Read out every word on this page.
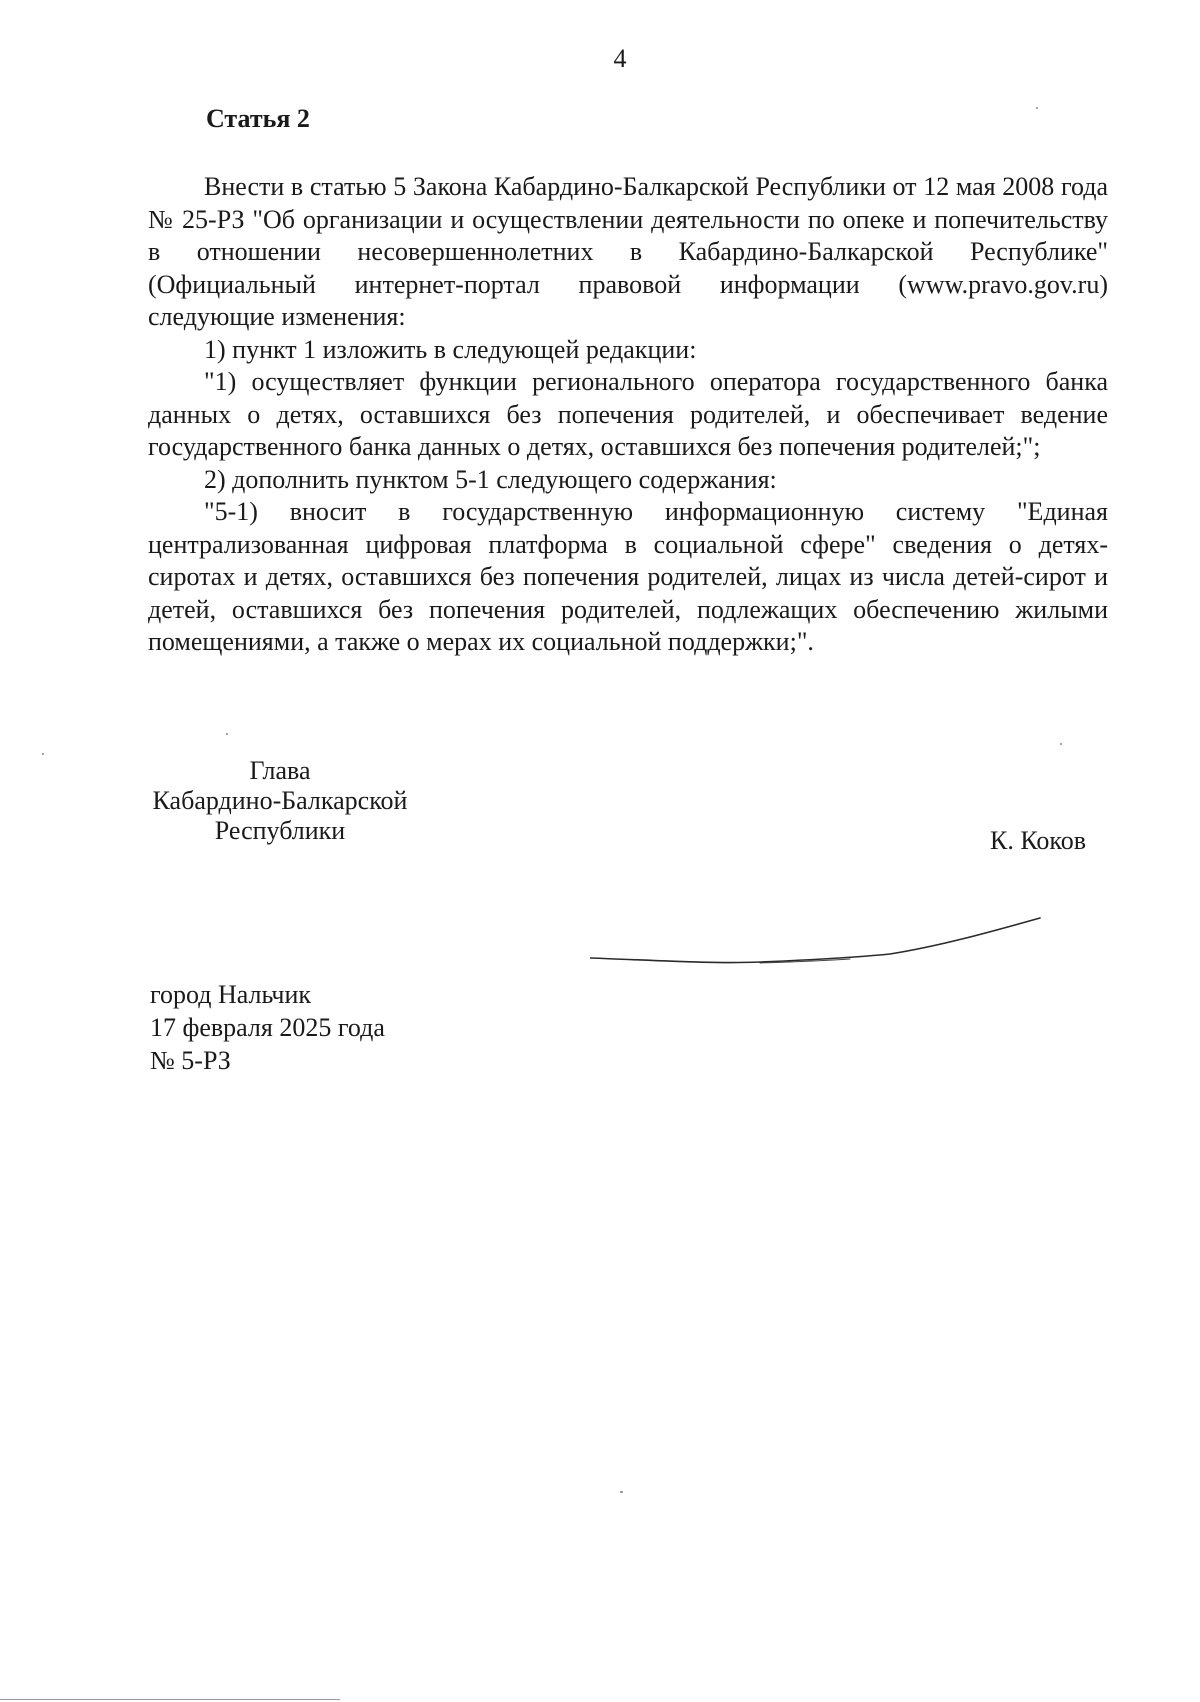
4
Статья 2

Внести в статью 5 Закона Кабардино-Балкарской Республики от 12 мая 2008 года № 25-РЗ "Об организации и осуществлении деятельности по опеке и попечительству в отношении несовершеннолетних в Кабардино-Балкарской Республике" (Официальный интернет-портал правовой информации (www.pravo.gov.ru) следующие изменения:

1) пункт 1 изложить в следующей редакции:

"1) осуществляет функции регионального оператора государственного банка данных о детях, оставшихся без попечения родителей, и обеспечивает ведение государственного банка данных о детях, оставшихся без попечения родителей;";

2) дополнить пунктом 5-1 следующего содержания:

"5-1) вносит в государственную информационную систему "Единая централизованная цифровая платформа в социальной сфере" сведения о детях-сиротах и детях, оставшихся без попечения родителей, лицах из числа детей-сирот и детей, оставшихся без попечения родителей, подлежащих обеспечению жилыми помещениями, а также о мерах их социальной поддержки;".

Глава
Кабардино-Балкарской
Республики	К. Коков
город Нальчик
17 февраля 2025 года
№ 5-РЗ
